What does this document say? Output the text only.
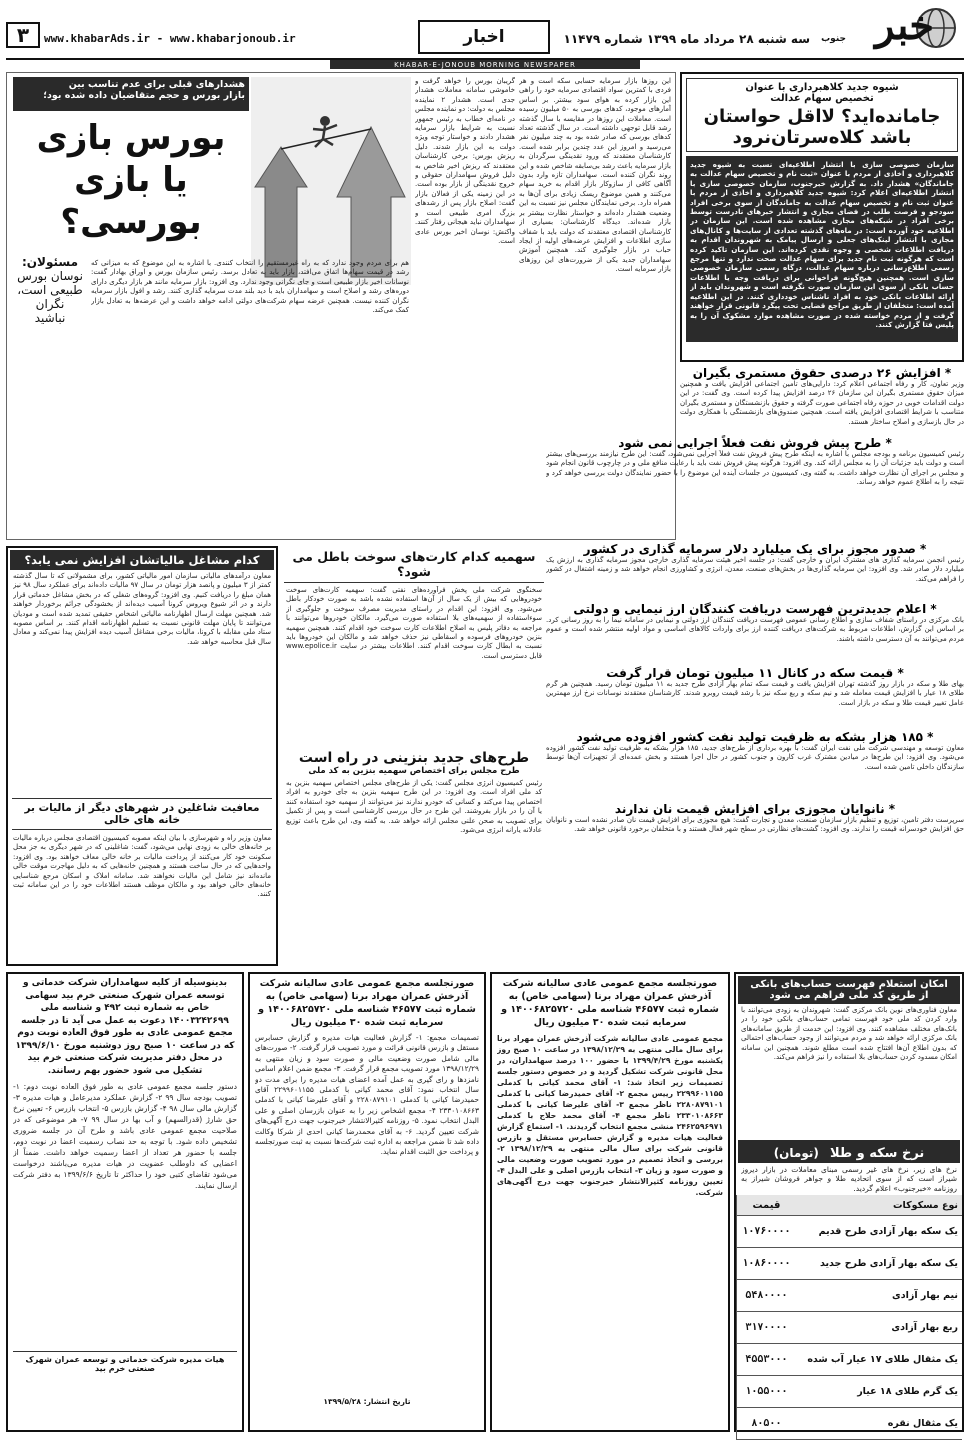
۳ www.khabarAds.ir - www.khabarjonoub.ir	اخبار	سه شنبه ۲۸ مرداد ماه ۱۳۹۹ شماره ۱۱۴۷۹ خبر
جنوب
KHABAR-E-JONOUB MORNING NEWSPAPER
شیوه جدید کلاهبرداری با عنوان
تخصیص سهام عدالت
جامانده‌اید؟ لااقل حواستان
باشد کلاه‌سرتان‌نرود

سازمان خصوصی سازی با انتشار اطلاعیه‌ای نسبت به شیوه جدید کلاهبرداری و اخاذی از مردم با عنوان «ثبت نام و تخصیص سهام عدالت به جاماندگان» هشدار داد. به گزارش خبرجنوب، سازمان خصوصی سازی با انتشار اطلاعیه‌ای اعلام کرد: شیوه جدید کلاهبرداری و اخاذی از مردم با عنوان ثبت نام و تخصیص سهام عدالت به جاماندگان از سوی برخی افراد سودجو و فرصت طلب در فضای مجازی و انتشار خبرهای نادرست توسط برخی افراد در شبکه‌های مجازی مشاهده شده است. این سازمان در اطلاعیه خود آورده است: در ماه‌های گذشته تعدادی از سایت‌ها و کانال‌های مجازی با انتشار لینک‌های جعلی و ارسال پیامک به شهروندان اقدام به دریافت اطلاعات شخصی و وجوه نقدی کرده‌اند. این سازمان تاکید کرده است که هرگونه ثبت نام جدید برای سهام عدالت صحت ندارد و تنها مرجع رسمی اطلاع‌رسانی درباره سهام عدالت، درگاه رسمی سازمان خصوصی سازی است. همچنین هیچ‌گونه فراخوانی برای دریافت وجه یا اطلاعات حساب بانکی از سوی این سازمان صورت نگرفته است و شهروندان باید از ارائه اطلاعات بانکی خود به افراد ناشناس خودداری کنند. در این اطلاعیه آمده است: متخلفان از طریق مراجع قضایی تحت پیگرد قانونی قرار خواهند گرفت و از مردم خواسته شده در صورت مشاهده موارد مشکوک آن را به پلیس فتا گزارش کنند.

هشدارهای قبلی برای عدم تناسب بین
بازار بورس و حجم متقاضیان داده شده بود؛
بورس بازی
یا بازی
بورسی؟
مسئولان:
نوسان بورس
طبیعی است،
نگران
نباشید

هم برای مردم وجود ندارد که به راه غیرمستقیم را انتخاب کنندی. با اشاره به این موضوع که به میزانی که رشد در قیمت سهام‌ها اتفاق می‌افتد، بازار باید به تعادل برسد. رئیس سازمان بورس و اوراق بهادار گفت: نوسانات اخیر بازار طبیعی است و جای نگرانی وجود ندارد. وی افزود: بازار سرمایه مانند هر بازار دیگری دارای دوره‌های رشد و اصلاح است و سهامداران باید با دید بلند مدت سرمایه گذاری کنند. رشد و افول بازار سرمایه نگران کننده نیست. همچنین عرضه سهام شرکت‌های دولتی ادامه خواهد داشت و این عرضه‌ها به تعادل بازار کمک می‌کند.

گریبان بورس را خواهد گرفت و خاموشی سامانه معاملات هشدار جدی است. هشدار ۲ نماینده مجلس به دولت: دو نماینده مجلس در نامه‌ای خطاب به رئیس جمهور نسبت به شرایط بازار سرمایه هشدار دادند و خواستار توجه ویژه دولت به این بازار شدند. دلیل ریزش بورس: برخی کارشناسان معتقدند که ریزش اخیر شاخص به دلیل فروش سهامداران حقوقی و خروج نقدینگی از بازار بوده است. در این زمینه یکی از فعالان بازار گفت: اصلاح بازار پس از رشدهای بزرگ امری طبیعی است و سهامداران نباید هیجانی رفتار کنند. واکنش: نوسان اخیر بورس عادی است.

این روزها بازار سرمایه حسابی سکه است و هر فردی با کمترین سواد اقتصادی سرمایه خود را راهی این بازار کرده به هوای سود بیشتر. بر اساس آمارهای موجود، کدهای بورسی به ۵۰ میلیون رسیده است. معاملات این روزها در مقایسه با سال گذشته رشد قابل توجهی داشته است. در سال گذشته تعداد کدهای بورسی که صادر شده بود به چند میلیون نفر می‌رسید و امروز این عدد چندین برابر شده است. کارشناسان معتقدند که ورود نقدینگی سرگردان به بازار سرمایه باعث رشد بی‌سابقه شاخص شده و این روند نگران کننده است. سهامداران تازه وارد بدون آگاهی کافی از سازوکار بازار اقدام به خرید سهام می‌کنند و همین موضوع ریسک زیادی برای آن‌ها به همراه دارد. برخی نمایندگان مجلس نیز نسبت به این وضعیت هشدار داده‌اند و خواستار نظارت بیشتر بر بازار شده‌اند. دیدگاه کارشناسان: بسیاری از کارشناسان اقتصادی معتقدند که دولت باید با شفاف سازی اطلاعات و افزایش عرضه‌های اولیه از ایجاد حباب در بازار جلوگیری کند. همچنین آموزش سهامداران جدید یکی از ضرورت‌های این روزهای بازار سرمایه است.

* افزایش ۲۶ درصدی حقوق مستمری بگیران

وزیر تعاون، کار و رفاه اجتماعی اعلام کرد: دارایی‌های تامین اجتماعی افزایش یافت و همچنین میزان حقوق مستمری بگیران این سازمان ۲۶ درصد افزایش پیدا کرده است. وی گفت: در این دولت اقدامات خوبی در حوزه رفاه اجتماعی صورت گرفته و حقوق بازنشستگان و مستمری بگیران متناسب با شرایط اقتصادی افزایش یافته است. همچنین صندوق‌های بازنشستگی با همکاری دولت در حال بازسازی و اصلاح ساختار هستند.

* طرح پیش فروش نفت فعلاً اجرایی نمی شود

رئیس کمیسیون برنامه و بودجه مجلس با اشاره به اینکه طرح پیش فروش نفت فعلاً اجرایی نمی‌شود، گفت: این طرح نیازمند بررسی‌های بیشتر است و دولت باید جزئیات آن را به مجلس ارائه کند. وی افزود: هرگونه پیش فروش نفت باید با رعایت منافع ملی و در چارچوب قانون انجام شود و مجلس بر اجرای آن نظارت خواهد داشت. به گفته وی، کمیسیون در جلسات آینده این موضوع را با حضور نمایندگان دولت بررسی خواهد کرد و نتیجه را به اطلاع عموم خواهد رساند.

* صدور مجوز برای یک میلیارد دلار سرمایه گذاری در کشور

رئیس انجمن سرمایه گذاری های مشترک ایران و خارجی گفت: در جلسه اخیر هیئت سرمایه گذاری خارجی مجوز سرمایه گذاری به ارزش یک میلیارد دلار صادر شد. وی افزود: این سرمایه گذاری‌ها در بخش‌های صنعت، معدن، انرژی و کشاورزی انجام خواهد شد و زمینه اشتغال در کشور را فراهم می‌کند.

* اعلام جدیدترین فهرست دریافت کنندگان ارز نیمایی و دولتی

بانک مرکزی در راستای شفاف سازی و اطلاع رسانی عمومی فهرست دریافت کنندگان ارز دولتی و نیمایی در سامانه نیما را به روز رسانی کرد. بر اساس این گزارش، اطلاعات مربوط به شرکت‌های دریافت کننده ارز برای واردات کالاهای اساسی و مواد اولیه منتشر شده است و عموم مردم می‌توانند به آن دسترسی داشته باشند.

* قیمت سکه در کانال ۱۱ میلیون تومان قرار گرفت

بهای طلا و سکه در بازار روز گذشته تهران افزایش یافت و قیمت سکه تمام بهار آزادی طرح جدید به ۱۱ میلیون تومان رسید. همچنین هر گرم طلای ۱۸ عیار با افزایش قیمت معامله شد و نیم سکه و ربع سکه نیز با رشد قیمت روبرو شدند. کارشناسان معتقدند نوسانات نرخ ارز مهمترین عامل تغییر قیمت طلا و سکه در بازار است.

* ۱۸۵ هزار بشکه به ظرفیت تولید نفت کشور افزوده می‌شود

معاون توسعه و مهندسی شرکت ملی نفت ایران گفت: با بهره برداری از طرح‌های جدید، ۱۸۵ هزار بشکه به ظرفیت تولید نفت کشور افزوده می‌شود. وی افزود: این طرح‌ها در میادین مشترک غرب کارون و جنوب کشور در حال اجرا هستند و بخش عمده‌ای از تجهیزات آن‌ها توسط سازندگان داخلی تامین شده است.

* نانوایان مجوزی برای افزایش قیمت نان ندارند

سرپرست دفتر تامین، توزیع و تنظیم بازار سازمان صنعت، معدن و تجارت گفت: هیچ مجوزی برای افزایش قیمت نان صادر نشده است و نانوایان حق افزایش خودسرانه قیمت را ندارند. وی افزود: گشت‌های نظارتی در سطح شهر فعال هستند و با متخلفان برخورد قانونی خواهد شد.

کدام مشاغل مالیاتشان افزایش نمی یابد؟

معاون درآمدهای مالیاتی سازمان امور مالیاتی کشور، برای مشمولانی که تا سال گذشته کمتر از ۳ میلیون و پانصد هزار تومان در سال ۹۷ مالیات داده‌اند برای عملکرد سال ۹۸ نیز همان مبلغ را دریافت کنیم. وی افزود: گروه‌های شغلی که در بخش مشاغل خدماتی قرار دارند و در اثر شیوع ویروس کرونا آسیب دیده‌اند از بخشودگی جرائم برخوردار خواهند شد. همچنین مهلت ارسال اظهارنامه مالیاتی اشخاص حقیقی تمدید شده است و مودیان می‌توانند تا پایان مهلت قانونی نسبت به تسلیم اظهارنامه اقدام کنند. بر اساس مصوبه ستاد ملی مقابله با کرونا، مالیات برخی مشاغل آسیب دیده افزایش پیدا نمی‌کند و معادل سال قبل محاسبه خواهد شد.

معافیت شاغلین در شهرهای دیگر از مالیات بر خانه های خالی

معاون وزیر راه و شهرسازی با بیان اینکه مصوبه کمیسیون اقتصادی مجلس درباره مالیات بر خانه‌های خالی به زودی نهایی می‌شود، گفت: شاغلینی که در شهر دیگری به جز محل سکونت خود کار می‌کنند از پرداخت مالیات بر خانه خالی معاف خواهند بود. وی افزود: واحدهایی که در حال ساخت هستند و همچنین خانه‌هایی که به دلیل مهاجرت موقت خالی مانده‌اند نیز شامل این مالیات نخواهند شد. سامانه املاک و اسکان مرجع شناسایی خانه‌های خالی خواهد بود و مالکان موظف هستند اطلاعات خود را در این سامانه ثبت کنند.

سهمیه کدام کارت‌های سوخت باطل می شود؟

سخنگوی شرکت ملی پخش فرآورده‌های نفتی گفت: سهمیه کارت‌های سوخت خودروهایی که بیش از یک سال از آن‌ها استفاده نشده باشد به صورت خودکار باطل می‌شود. وی افزود: این اقدام در راستای مدیریت مصرف سوخت و جلوگیری از سوءاستفاده از سهمیه‌های بلا استفاده صورت می‌گیرد. مالکان خودروها می‌توانند با مراجعه به دفاتر پلیس به اصلاح اطلاعات کارت سوخت خود اقدام کنند. همچنین سهمیه بنزین خودروهای فرسوده و اسقاطی نیز حذف خواهد شد و مالکان این خودروها باید نسبت به ابطال کارت سوخت اقدام کنند. اطلاعات بیشتر در سایت www.epolice.ir قابل دسترسی است.

طرح‌های جدید بنزینی در راه است
طرح مجلس برای اختصاص سهمیه بنزین به کد ملی

رئیس کمیسیون انرژی مجلس گفت: یکی از طرح‌های مجلس اختصاص سهمیه بنزین به کد ملی افراد است. وی افزود: در این طرح سهمیه بنزین به جای خودرو به افراد اختصاص پیدا می‌کند و کسانی که خودرو ندارند نیز می‌توانند از سهمیه خود استفاده کنند یا آن را در بازار بفروشند. این طرح در حال بررسی کارشناسی است و پس از تکمیل برای تصویب به صحن علنی مجلس ارائه خواهد شد. به گفته وی، این طرح باعث توزیع عادلانه یارانه انرژی می‌شود.

امکان استعلام فهرست حساب‌های بانکی
از طریق کد ملی فراهم می شود

معاون فناوری‌های نوین بانک مرکزی گفت: شهروندان به زودی می‌توانند با وارد کردن کد ملی خود فهرست تمامی حساب‌های بانکی خود را در بانک‌های مختلف مشاهده کنند. وی افزود: این خدمت از طریق سامانه‌های بانک مرکزی ارائه خواهد شد و مردم می‌توانند از وجود حساب‌های احتمالی که بدون اطلاع آن‌ها افتتاح شده است مطلع شوند. همچنین این سامانه امکان مسدود کردن حساب‌های بلا استفاده را نیز فراهم می‌کند.

نرخ سکه و طلا (تومان)

نرخ های زیر، نرخ های غیر رسمی مبنای معاملات در بازار دیروز شیراز است که از سوی اتحادیه طلا و جواهر فروشان شیراز به روزنامه «خبرجنوب» اعلام گردید.

نوع مسکوکات	قیمت
یک سکه بهار آزادی طرح قدیم	۱۰۷۶۰۰۰۰
یک سکه بهار آزادی طرح جدید	۱۰۸۶۰۰۰۰
نیم بهار آزادی	۵۴۸۰۰۰۰
ربع بهار آزادی	۳۱۷۰۰۰۰
یک مثقال طلای ۱۷ عیار آب شده	۴۵۵۳۰۰۰
یک گرم طلای ۱۸ عیار	۱۰۵۵۰۰۰
یک مثقال نقره	۸۰۵۰۰
صورتجلسه مجمع عمومی عادی سالیانه شرکت آذرخش عمران مهراد برنا (سهامی خاص) به شماره ثبت ۴۶۵۷۷ شناسه ملی ۱۴۰۰۶۸۲۵۷۲۰ و سرمایه ثبت شده ۳۰ میلیون ریال

مجمع عمومی عادی سالیانه شرکت آذرخش عمران مهراد برنا برای سال مالی منتهی به ۱۳۹۸/۱۲/۲۹ در ساعت ۱۰ صبح روز یکشنبه مورخ ۱۳۹۹/۴/۲۹ با حضور ۱۰۰ درصد سهامداران، در محل قانونی شرکت تشکیل گردید و در خصوص دستور جلسه تصمیمات زیر اتخاذ شد: ۱- آقای محمد کیانی با کدملی ۲۲۹۹۶۰۱۱۵۵ رییس مجمع ۲- آقای حمیدرضا کیانی با کدملی ۲۲۸۰۸۷۹۱۰۱ ناظر مجمع ۳- آقای علیرضا کیانی با کدملی ۲۳۳۰۱۰۸۶۶۳ ناظر مجمع ۴- آقای محمد حلاج با کدملی ۲۴۶۲۵۹۶۹۷۱ منشی مجمع انتخاب گردیدند. ۱- استماع گزارش فعالیت هیات مدیره و گزارش حسابرس مستقل و بازرس قانونی شرکت برای سال مالی منتهی به ۱۳۹۸/۱۲/۲۹ ۲- بررسی و اتخاذ تصمیم در مورد تصویب صورت وضعیت مالی و صورت سود و زیان ۳- انتخاب بازرس اصلی و علی البدل ۴- تعیین روزنامه کثیرالانتشار خبرجنوب جهت درج آگهی‌های شرکت.

صورتجلسه مجمع عمومی عادی سالیانه شرکت آذرخش عمران مهراد برنا (سهامی خاص) به شماره ثبت ۴۶۵۷۷ شناسه ملی ۱۴۰۰۶۸۲۵۷۲۰ و سرمایه ثبت شده ۳۰ میلیون ریال

تصمیمات مجمع: ۱- گزارش فعالیت هیات مدیره و گزارش حسابرس مستقل و بازرس قانونی قرائت و مورد تصویب قرار گرفت. ۲- صورت‌های مالی شامل صورت وضعیت مالی و صورت سود و زیان منتهی به ۱۳۹۸/۱۲/۲۹ مورد تصویب مجمع قرار گرفت. ۳- مجمع ضمن اعلام اسامی نامزدها و رای گیری به عمل آمده اعضای هیات مدیره را برای مدت دو سال انتخاب نمود: آقای محمد کیانی با کدملی ۲۲۹۹۶۰۱۱۵۵ آقای حمیدرضا کیانی با کدملی ۲۲۸۰۸۷۹۱۰۱ و آقای علیرضا کیانی با کدملی ۲۳۳۰۱۰۸۶۶۳ ۴- مجمع اشخاص زیر را به عنوان بازرسان اصلی و علی البدل انتخاب نمود. ۵- روزنامه کثیرالانتشار خبرجنوب جهت درج آگهی‌های شرکت تعیین گردید. ۶- به آقای محمدرضا کیانی احدی از شرکا وکالت داده شد تا ضمن مراجعه به اداره ثبت شرکت‌ها نسبت به ثبت صورتجلسه و پرداخت حق الثبت اقدام نماید.

تاریخ انتشار: ۱۳۹۹/۵/۲۸
بدینوسیله از کلیه سهامداران شرکت خدماتی و توسعه عمران شهرک صنعتی خرم بید سهامی خاص به شماره ثبت ۴۹۲ و شناسه ملی ۱۴۰۰۳۲۴۲۶۹۹ دعوت به عمل می آید تا در جلسه مجمع عمومی عادی به طور فوق العاده نوبت دوم که در ساعت ۱۰ صبح روز دوشنبه مورخ ۱۳۹۹/۶/۱۰ در محل دفتر مدیریت شرکت صنعتی خرم بید تشکیل می شود حضور بهم رسانند.

دستور جلسه مجمع عمومی عادی به طور فوق العاده نوبت دوم: ۱- تصویب بودجه سال ۹۹ ۲- گزارش عملکرد مدیرعامل و هیات مدیره ۳- گزارش مالی سال ۹۸ ۴- گزارش بازرس ۵- انتخاب بازرس ۶- تعیین نرخ حق شارژ (قدرالسهم) و آب بها در سال ۹۹ ۷- هر موضوعی که در صلاحیت مجمع عمومی عادی باشد و طرح آن در جلسه ضروری تشخیص داده شود. با توجه به حد نصاب رسمیت اعضا در نوبت دوم، جلسه با حضور هر تعداد از اعضا رسمیت خواهد داشت. ضمناً از اعضایی که داوطلب عضویت در هیات مدیره می‌باشند درخواست می‌شود تقاضای کتبی خود را حداکثر تا تاریخ ۱۳۹۹/۶/۶ به دفتر شرکت ارسال نمایند.

هیات مدیره شرکت خدماتی و توسعه عمران شهرک صنعتی خرم بید
